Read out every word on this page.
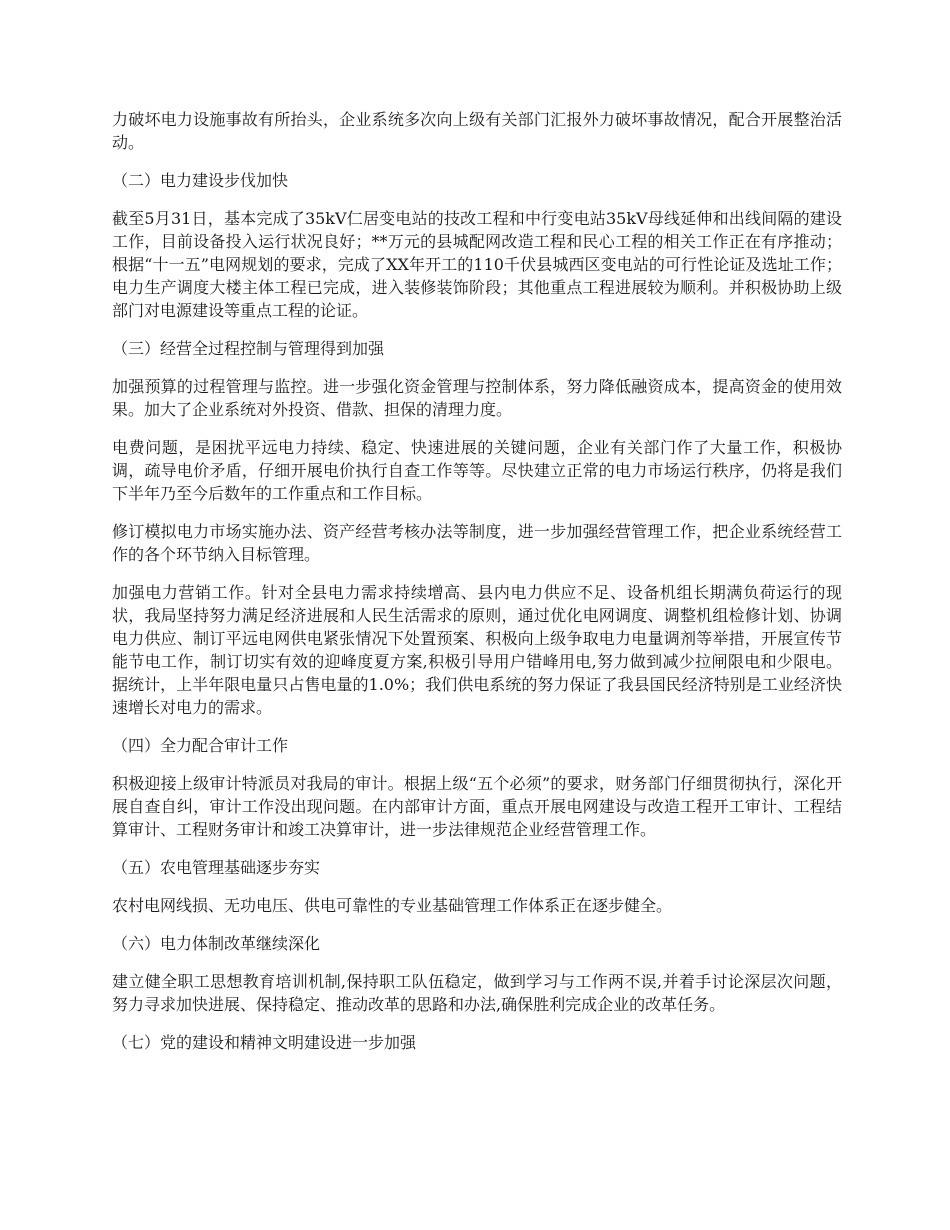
力破坏电力设施事故有所抬头，企业系统多次向上级有关部门汇报外力破坏事故情况，配合开展整治活动。

（二）电力建设步伐加快

截至5月31日，基本完成了35kV仁居变电站的技改工程和中行变电站35kV母线延伸和出线间隔的建设工作，目前设备投入运行状况良好；**万元的县城配网改造工程和民心工程的相关工作正在有序推动；根据“十一五”电网规划的要求，完成了XX年开工的110千伏县城西区变电站的可行性论证及选址工作；电力生产调度大楼主体工程已完成，进入装修装饰阶段；其他重点工程进展较为顺利。并积极协助上级部门对电源建设等重点工程的论证。

（三）经营全过程控制与管理得到加强

加强预算的过程管理与监控。进一步强化资金管理与控制体系，努力降低融资成本，提高资金的使用效果。加大了企业系统对外投资、借款、担保的清理力度。

电费问题，是困扰平远电力持续、稳定、快速进展的关键问题，企业有关部门作了大量工作，积极协调，疏导电价矛盾，仔细开展电价执行自查工作等等。尽快建立正常的电力市场运行秩序，仍将是我们下半年乃至今后数年的工作重点和工作目标。

修订模拟电力市场实施办法、资产经营考核办法等制度，进一步加强经营管理工作，把企业系统经营工作的各个环节纳入目标管理。

加强电力营销工作。针对全县电力需求持续增高、县内电力供应不足、设备机组长期满负荷运行的现状，我局坚持努力满足经济进展和人民生活需求的原则，通过优化电网调度、调整机组检修计划、协调电力供应、制订平远电网供电紧张情况下处置预案、积极向上级争取电力电量调剂等举措，开展宣传节能节电工作，制订切实有效的迎峰度夏方案,积极引导用户错峰用电,努力做到减少拉闸限电和少限电。据统计，上半年限电量只占售电量的1.0%；我们供电系统的努力保证了我县国民经济特别是工业经济快速增长对电力的需求。

（四）全力配合审计工作

积极迎接上级审计特派员对我局的审计。根据上级“五个必须”的要求，财务部门仔细贯彻执行，深化开展自查自纠，审计工作没出现问题。在内部审计方面，重点开展电网建设与改造工程开工审计、工程结算审计、工程财务审计和竣工决算审计，进一步法律规范企业经营管理工作。

（五）农电管理基础逐步夯实

农村电网线损、无功电压、供电可靠性的专业基础管理工作体系正在逐步健全。

（六）电力体制改革继续深化

建立健全职工思想教育培训机制,保持职工队伍稳定，做到学习与工作两不误,并着手讨论深层次问题，努力寻求加快进展、保持稳定、推动改革的思路和办法,确保胜利完成企业的改革任务。

（七）党的建设和精神文明建设进一步加强
